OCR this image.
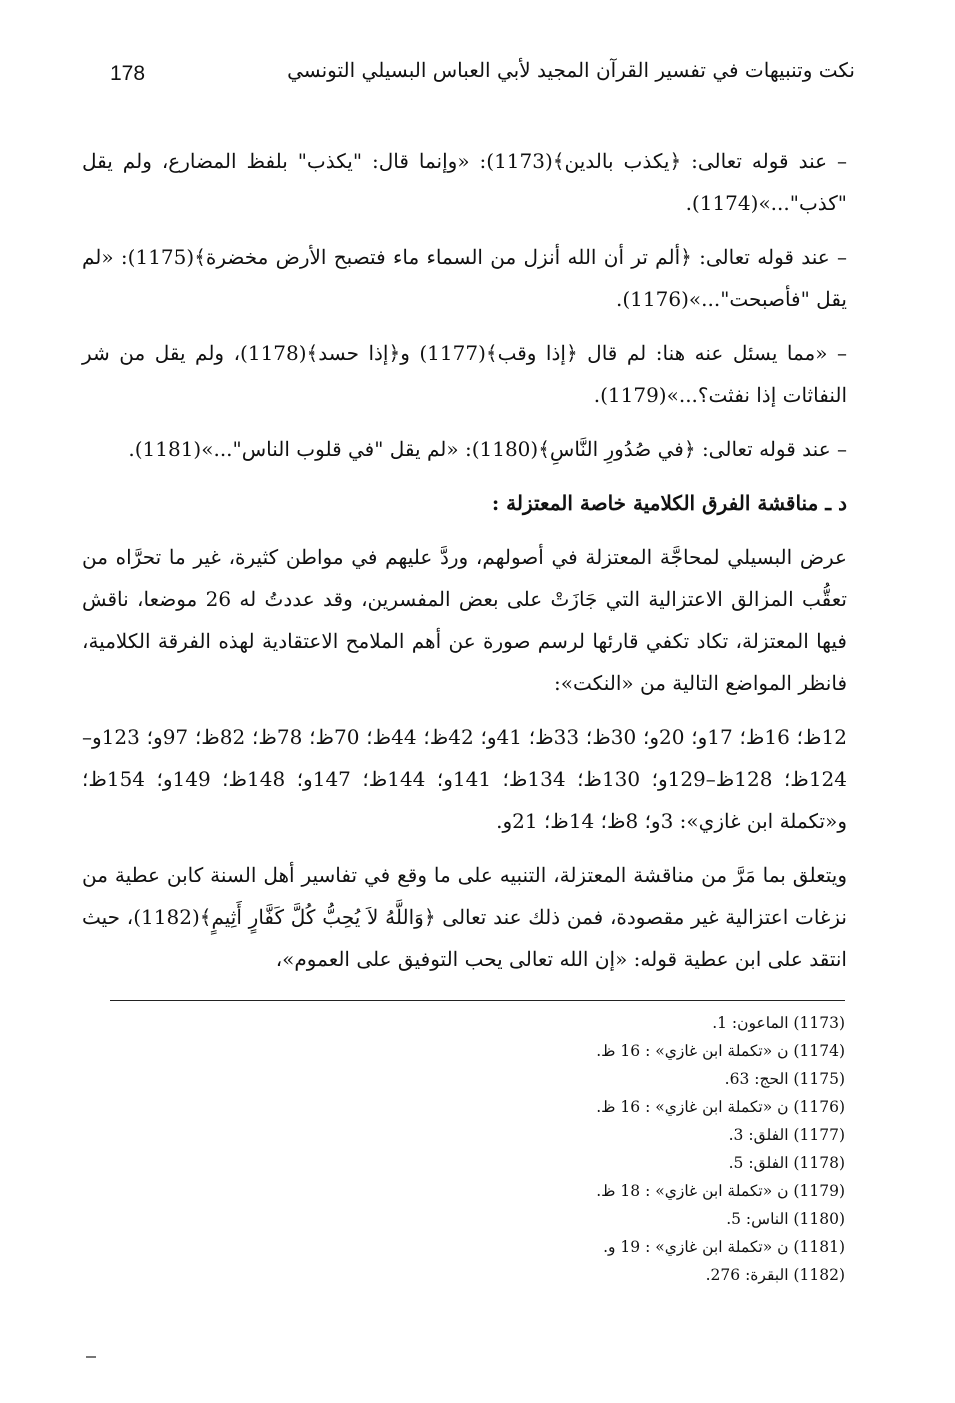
178	نكت وتنبيهات في تفسير القرآن المجيد لأبي العباس البسيلي التونسي

– عند قوله تعالى: ﴿يكذب بالدين﴾(1173): «وإنما قال: "يكذب" بلفظ المضارع، ولم يقل "كذب"...»(1174).

– عند قوله تعالى: ﴿ألم تر أن الله أنزل من السماء ماء فتصبح الأرض مخضرة﴾(1175): «لم يقل "فأصبحت"...»(1176).

– «مما يسئل عنه هنا: لم قال ﴿إذا وقب﴾(1177) و﴿إذا حسد﴾(1178)، ولم يقل من شر النفاثات إذا نفثت؟...»(1179).

– عند قوله تعالى: ﴿في صُدُورِ النَّاسِ﴾(1180): «لم يقل "في قلوب الناس"...»(1181).

د ـ مناقشة الفرق الكلامية خاصة المعتزلة :

عرض البسيلي لمحاجَّة المعتزلة في أصولهم، وردَّ عليهم في مواطن كثيرة، غير ما تحرَّاه من تعقُّب المزالق الاعتزالية التي جَازَتْ على بعض المفسرين، وقد عددتُ له 26 موضعا، ناقش فيها المعتزلة، تكاد تكفي قارئها لرسم صورة عن أهم الملامح الاعتقادية لهذه الفرقة الكلامية، فانظر المواضع التالية من «النكت»:

12ظ؛ 16ظ؛ 17و؛ 20و؛ 30ظ؛ 33ظ؛ 41و؛ 42ظ؛ 44ظ؛ 70ظ؛ 78ظ؛ 82ظ؛ 97و؛ 123و–124ظ؛ 128ظ–129و؛ 130ظ؛ 134ظ؛ 141و؛ 144ظ؛ 147و؛ 148ظ؛ 149و؛ 154ظ؛ و«تكملة ابن غازي»: 3و؛ 8ظ؛ 14ظ؛ 21و.

ويتعلق بما مَرَّ من مناقشة المعتزلة، التنبيه على ما وقع في تفاسير أهل السنة كابن عطية من نزغات اعتزالية غير مقصودة، فمن ذلك عند تعالى ﴿وَاللَّهُ لاَ يُحِبُّ كُلَّ كَفَّارٍ أَثِيمٍ﴾(1182)، حيث انتقد على ابن عطية قوله: «إن الله تعالى يحب التوفيق على العموم»،

(1173) الماعون: 1.
(1174) ن «تكملة ابن غازي» : 16 ظ.
(1175) الحج: 63.
(1176) ن «تكملة ابن غازي» : 16 ظ.
(1177) الفلق: 3.
(1178) الفلق: 5.
(1179) ن «تكملة ابن غازي» : 18 ظ.
(1180) الناس: 5.
(1181) ن «تكملة ابن غازي» : 19 و.
(1182) البقرة: 276.
